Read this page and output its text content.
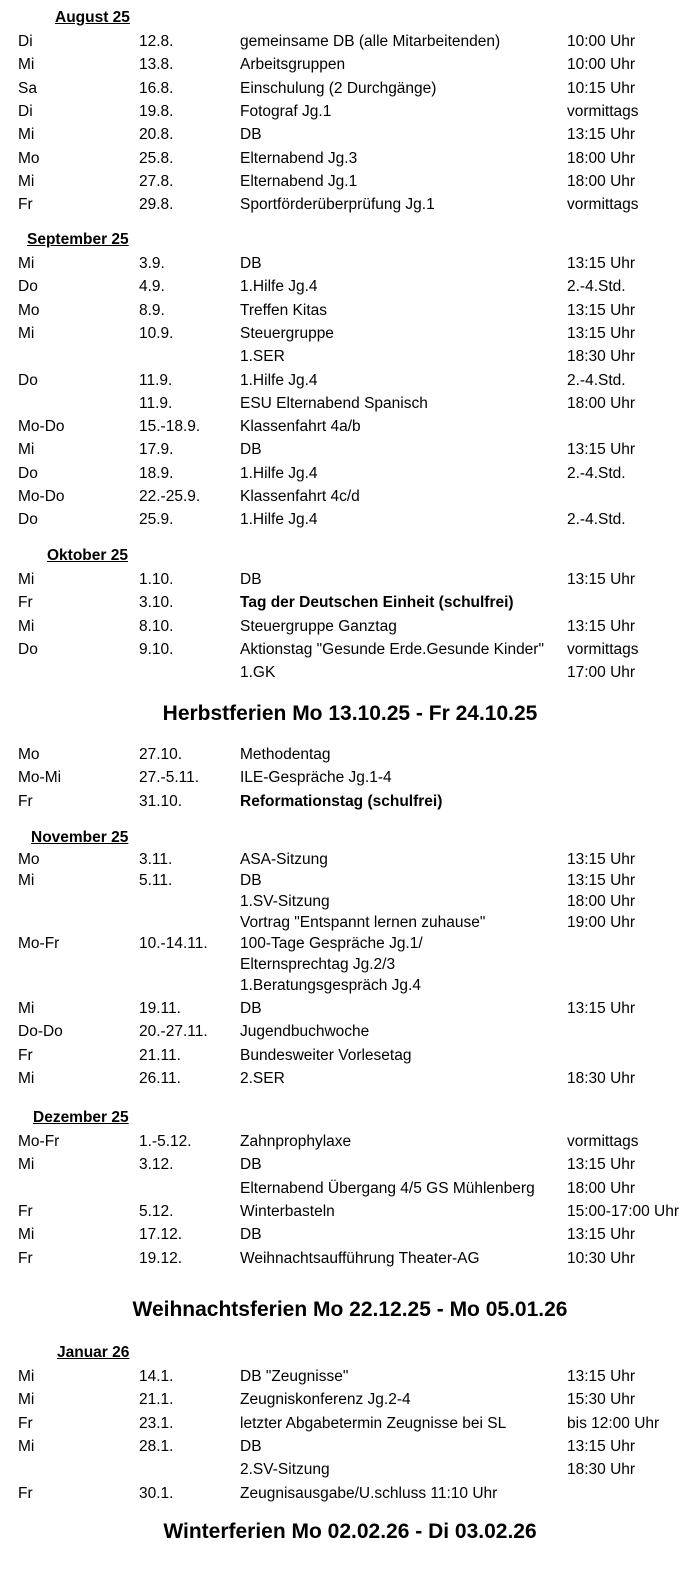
August 25
Di	12.8.	gemeinsame DB (alle Mitarbeitenden)	10:00 Uhr
Mi	13.8.	Arbeitsgruppen	10:00 Uhr
Sa	16.8.	Einschulung (2 Durchgänge)	10:15 Uhr
Di	19.8.	Fotograf Jg.1	vormittags
Mi	20.8.	DB	13:15 Uhr
Mo	25.8.	Elternabend Jg.3	18:00 Uhr
Mi	27.8.	Elternabend Jg.1	18:00 Uhr
Fr	29.8.	Sportförderüberprüfung Jg.1	vormittags
September 25
Mi	3.9.	DB	13:15 Uhr
Do	4.9.	1.Hilfe Jg.4	2.-4.Std.
Mo	8.9.	Treffen Kitas	13:15 Uhr
Mi	10.9.	Steuergruppe	13:15 Uhr
1.SER	18:30 Uhr
Do	11.9.	1.Hilfe Jg.4	2.-4.Std.
11.9.	ESU Elternabend Spanisch	18:00 Uhr
Mo-Do	15.-18.9.	Klassenfahrt 4a/b
Mi	17.9.	DB	13:15 Uhr
Do	18.9.	1.Hilfe Jg.4	2.-4.Std.
Mo-Do	22.-25.9.	Klassenfahrt 4c/d
Do	25.9.	1.Hilfe Jg.4	2.-4.Std.
Oktober 25
Mi	1.10.	DB	13:15 Uhr
Fr	3.10.	Tag der Deutschen Einheit (schulfrei)
Mi	8.10.	Steuergruppe Ganztag	13:15 Uhr
Do	9.10.	Aktionstag "Gesunde Erde.Gesunde Kinder" vormittags
1.GK	17:00 Uhr
Herbstferien Mo 13.10.25 - Fr 24.10.25
Mo	27.10.	Methodentag
Mo-Mi	27.-5.11.	ILE-Gespräche Jg.1-4
Fr	31.10.	Reformationstag (schulfrei)
November 25
Mo	3.11.	ASA-Sitzung	13:15 Uhr
Mi	5.11.	DB	13:15 Uhr
1.SV-Sitzung	18:00 Uhr
Vortrag "Entspannt lernen zuhause"	19:00 Uhr
Mo-Fr	10.-14.11. 100-Tage Gespräche Jg.1/
Elternsprechtag Jg.2/3
1.Beratungsgespräch Jg.4
Mi	19.11.	DB	13:15 Uhr
Do-Do	20.-27.11. Jugendbuchwoche
Fr	21.11.	Bundesweiter Vorlesetag
Mi	26.11.	2.SER	18:30 Uhr
Dezember 25
Mo-Fr	1.-5.12.	Zahnprophylaxe	vormittags
Mi	3.12.	DB	13:15 Uhr
Elternabend Übergang 4/5 GS Mühlenberg 18:00 Uhr
Fr	5.12.	Winterbasteln	15:00-17:00 Uhr
Mi	17.12.	DB	13:15 Uhr
Fr	19.12.	Weihnachtsaufführung Theater-AG	10:30 Uhr
Weihnachtsferien Mo 22.12.25 - Mo 05.01.26
Januar 26
Mi	14.1.	DB "Zeugnisse"	13:15 Uhr
Mi	21.1.	Zeugniskonferenz Jg.2-4	15:30 Uhr
Fr	23.1.	letzter Abgabetermin Zeugnisse bei SL	bis 12:00 Uhr
Mi	28.1.	DB	13:15 Uhr
2.SV-Sitzung	18:30 Uhr
Fr	30.1.	Zeugnisausgabe/U.schluss 11:10 Uhr
Winterferien Mo 02.02.26 - Di 03.02.26
